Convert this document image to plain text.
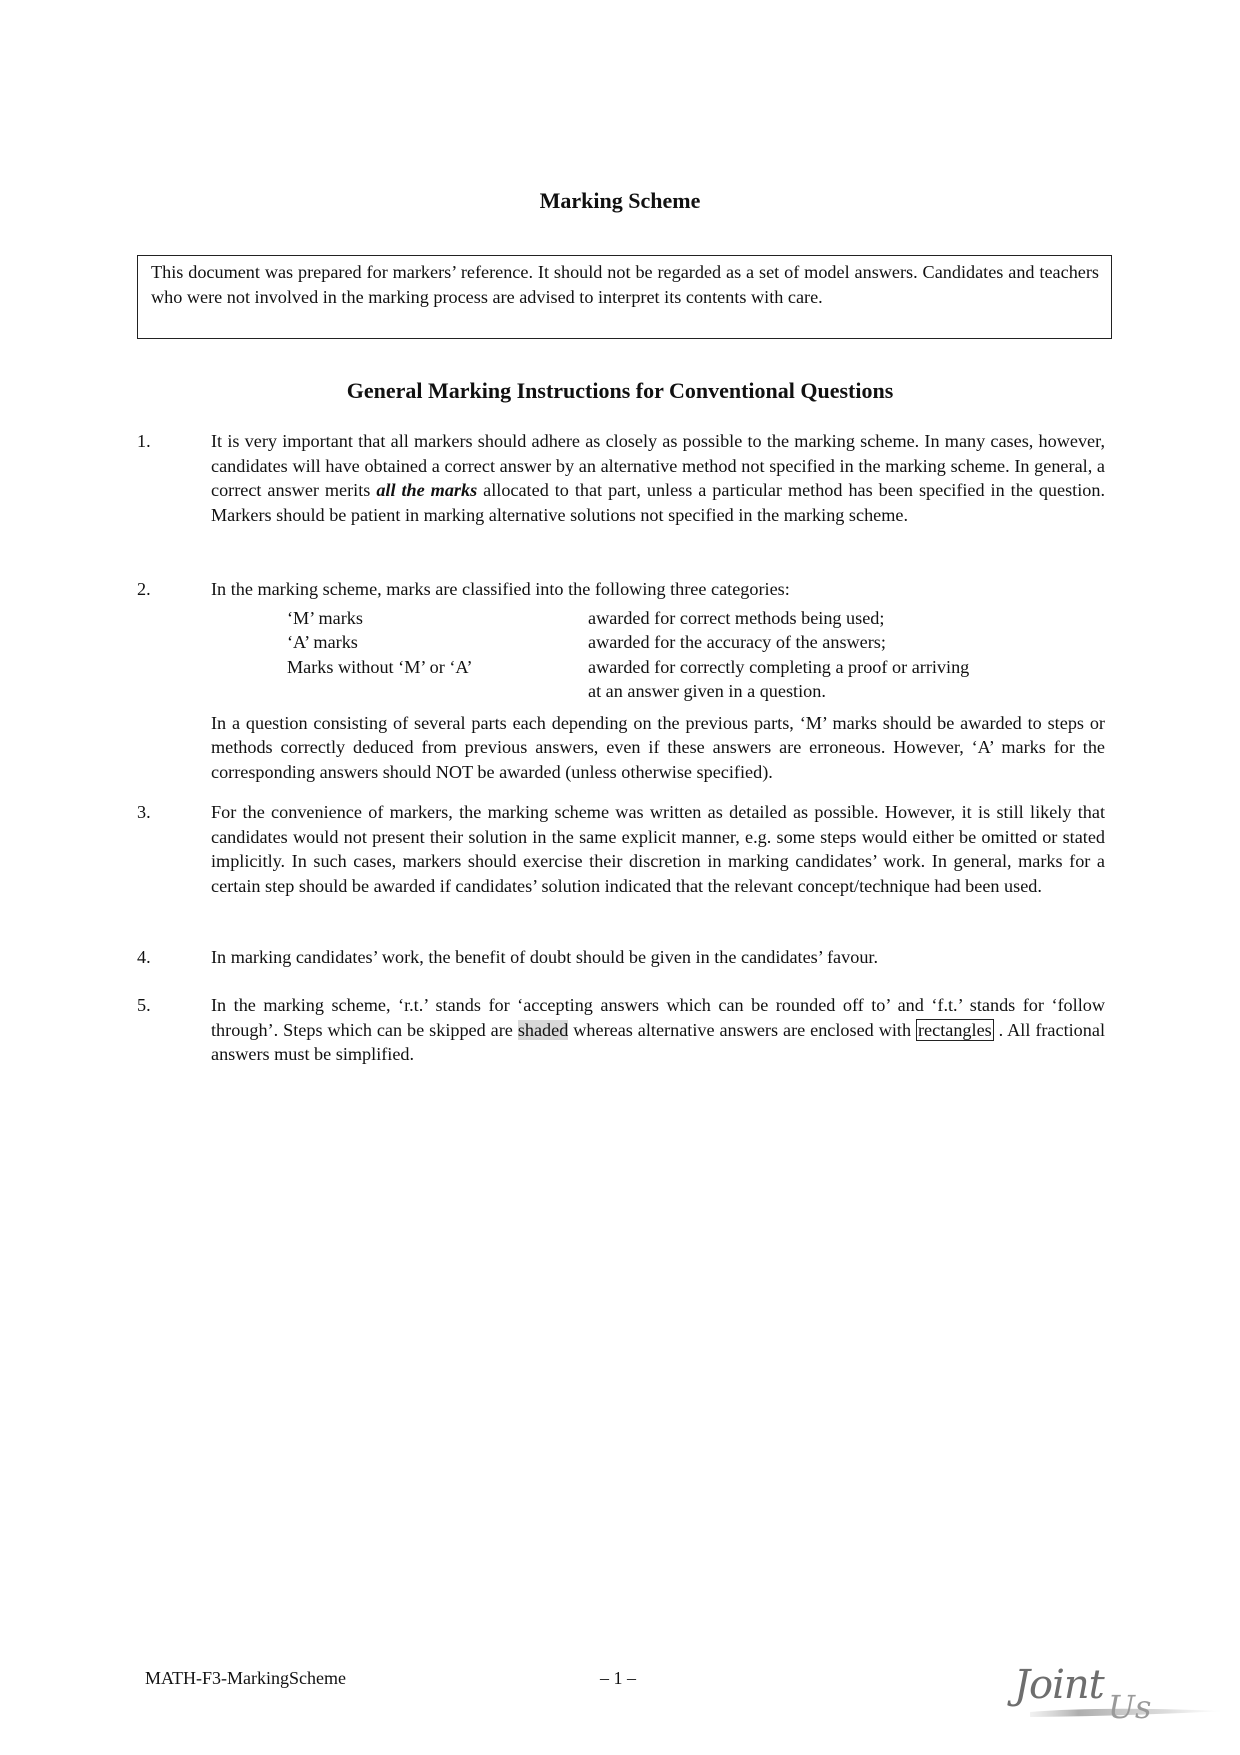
Marking Scheme
This document was prepared for markers’ reference. It should not be regarded as a set of model answers. Candidates and teachers who were not involved in the marking process are advised to interpret its contents with care.
General Marking Instructions for Conventional Questions
1.	It is very important that all markers should adhere as closely as possible to the marking scheme. In many cases, however, candidates will have obtained a correct answer by an alternative method not specified in the marking scheme. In general, a correct answer merits all the marks allocated to that part, unless a particular method has been specified in the question. Markers should be patient in marking alternative solutions not specified in the marking scheme.

2.	In the marking scheme, marks are classified into the following three categories:

‘M’ marks	awarded for correct methods being used;
‘A’ marks	awarded for the accuracy of the answers;
Marks without ‘M’ or ‘A’	awarded for correctly completing a proof or arriving
at an answer given in a question.

In a question consisting of several parts each depending on the previous parts, ‘M’ marks should be awarded to steps or methods correctly deduced from previous answers, even if these answers are erroneous. However, ‘A’ marks for the corresponding answers should NOT be awarded (unless otherwise specified).

3.	For the convenience of markers, the marking scheme was written as detailed as possible. However, it is still likely that candidates would not present their solution in the same explicit manner, e.g. some steps would either be omitted or stated implicitly. In such cases, markers should exercise their discretion in marking candidates’ work. In general, marks for a certain step should be awarded if candidates’ solution indicated that the relevant concept/technique had been used.

4.	In marking candidates’ work, the benefit of doubt should be given in the candidates’ favour.

5.	In the marking scheme, ‘r.t.’ stands for ‘accepting answers which can be rounded off to’ and ‘f.t.’ stands for ‘follow through’. Steps which can be skipped are shaded whereas alternative answers are enclosed with rectangles . All fractional answers must be simplified.

MATH-F3-MarkingScheme	– 1 –	Joint Us
